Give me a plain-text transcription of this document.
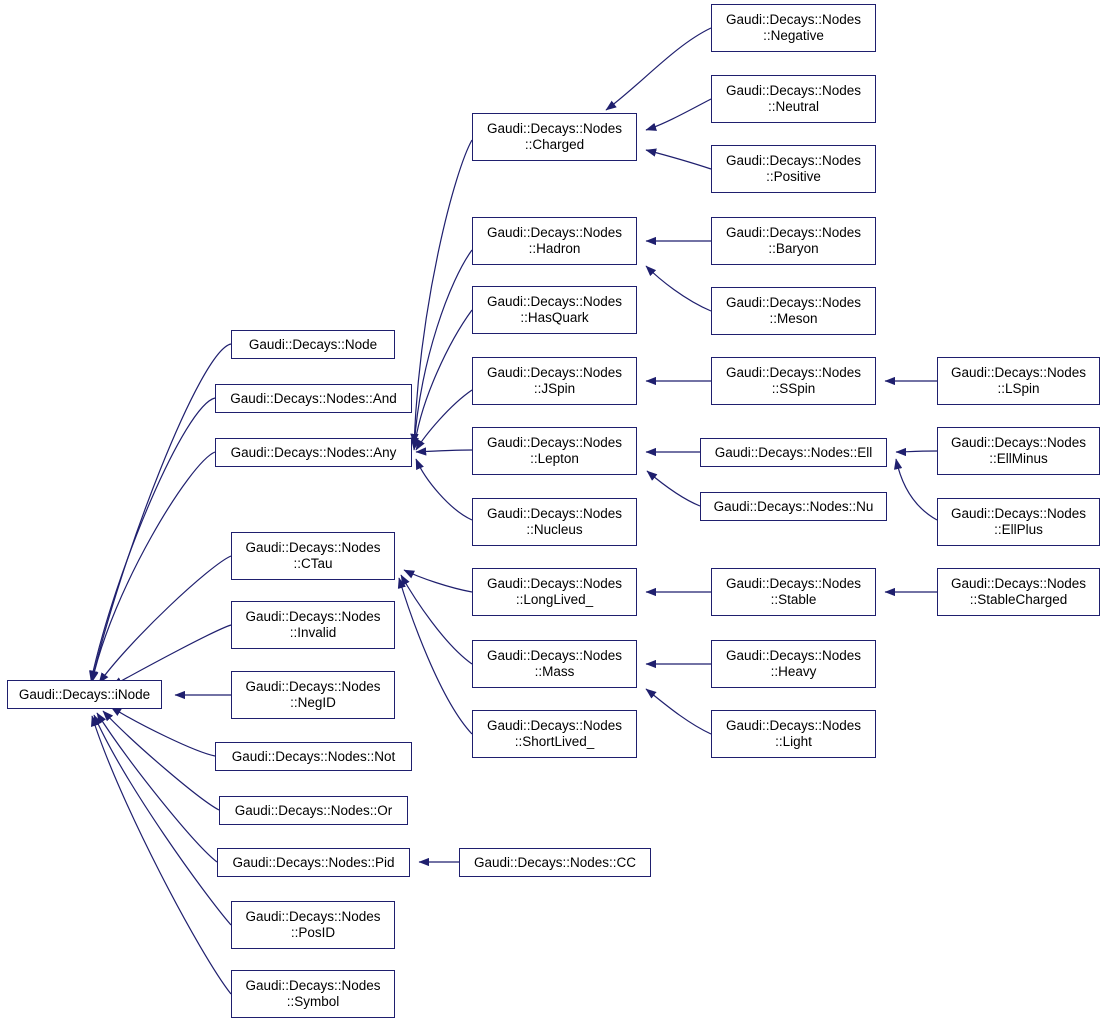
Gaudi::Decays::iNode
Gaudi::Decays::Node
Gaudi::Decays::Nodes::And
Gaudi::Decays::Nodes::Any
Gaudi::Decays::Nodes
::CTau
Gaudi::Decays::Nodes
::Invalid
Gaudi::Decays::Nodes
::NegID
Gaudi::Decays::Nodes::Not
Gaudi::Decays::Nodes::Or
Gaudi::Decays::Nodes::Pid
Gaudi::Decays::Nodes
::PosID
Gaudi::Decays::Nodes
::Symbol
Gaudi::Decays::Nodes
::Charged
Gaudi::Decays::Nodes
::Hadron
Gaudi::Decays::Nodes
::HasQuark
Gaudi::Decays::Nodes
::JSpin
Gaudi::Decays::Nodes
::Lepton
Gaudi::Decays::Nodes
::Nucleus
Gaudi::Decays::Nodes
::LongLived_
Gaudi::Decays::Nodes
::Mass
Gaudi::Decays::Nodes
::ShortLived_
Gaudi::Decays::Nodes::CC
Gaudi::Decays::Nodes
::Negative
Gaudi::Decays::Nodes
::Neutral
Gaudi::Decays::Nodes
::Positive
Gaudi::Decays::Nodes
::Baryon
Gaudi::Decays::Nodes
::Meson
Gaudi::Decays::Nodes
::SSpin
Gaudi::Decays::Nodes::Ell
Gaudi::Decays::Nodes::Nu
Gaudi::Decays::Nodes
::Stable
Gaudi::Decays::Nodes
::Heavy
Gaudi::Decays::Nodes
::Light
Gaudi::Decays::Nodes
::LSpin
Gaudi::Decays::Nodes
::EllMinus
Gaudi::Decays::Nodes
::EllPlus
Gaudi::Decays::Nodes
::StableCharged
